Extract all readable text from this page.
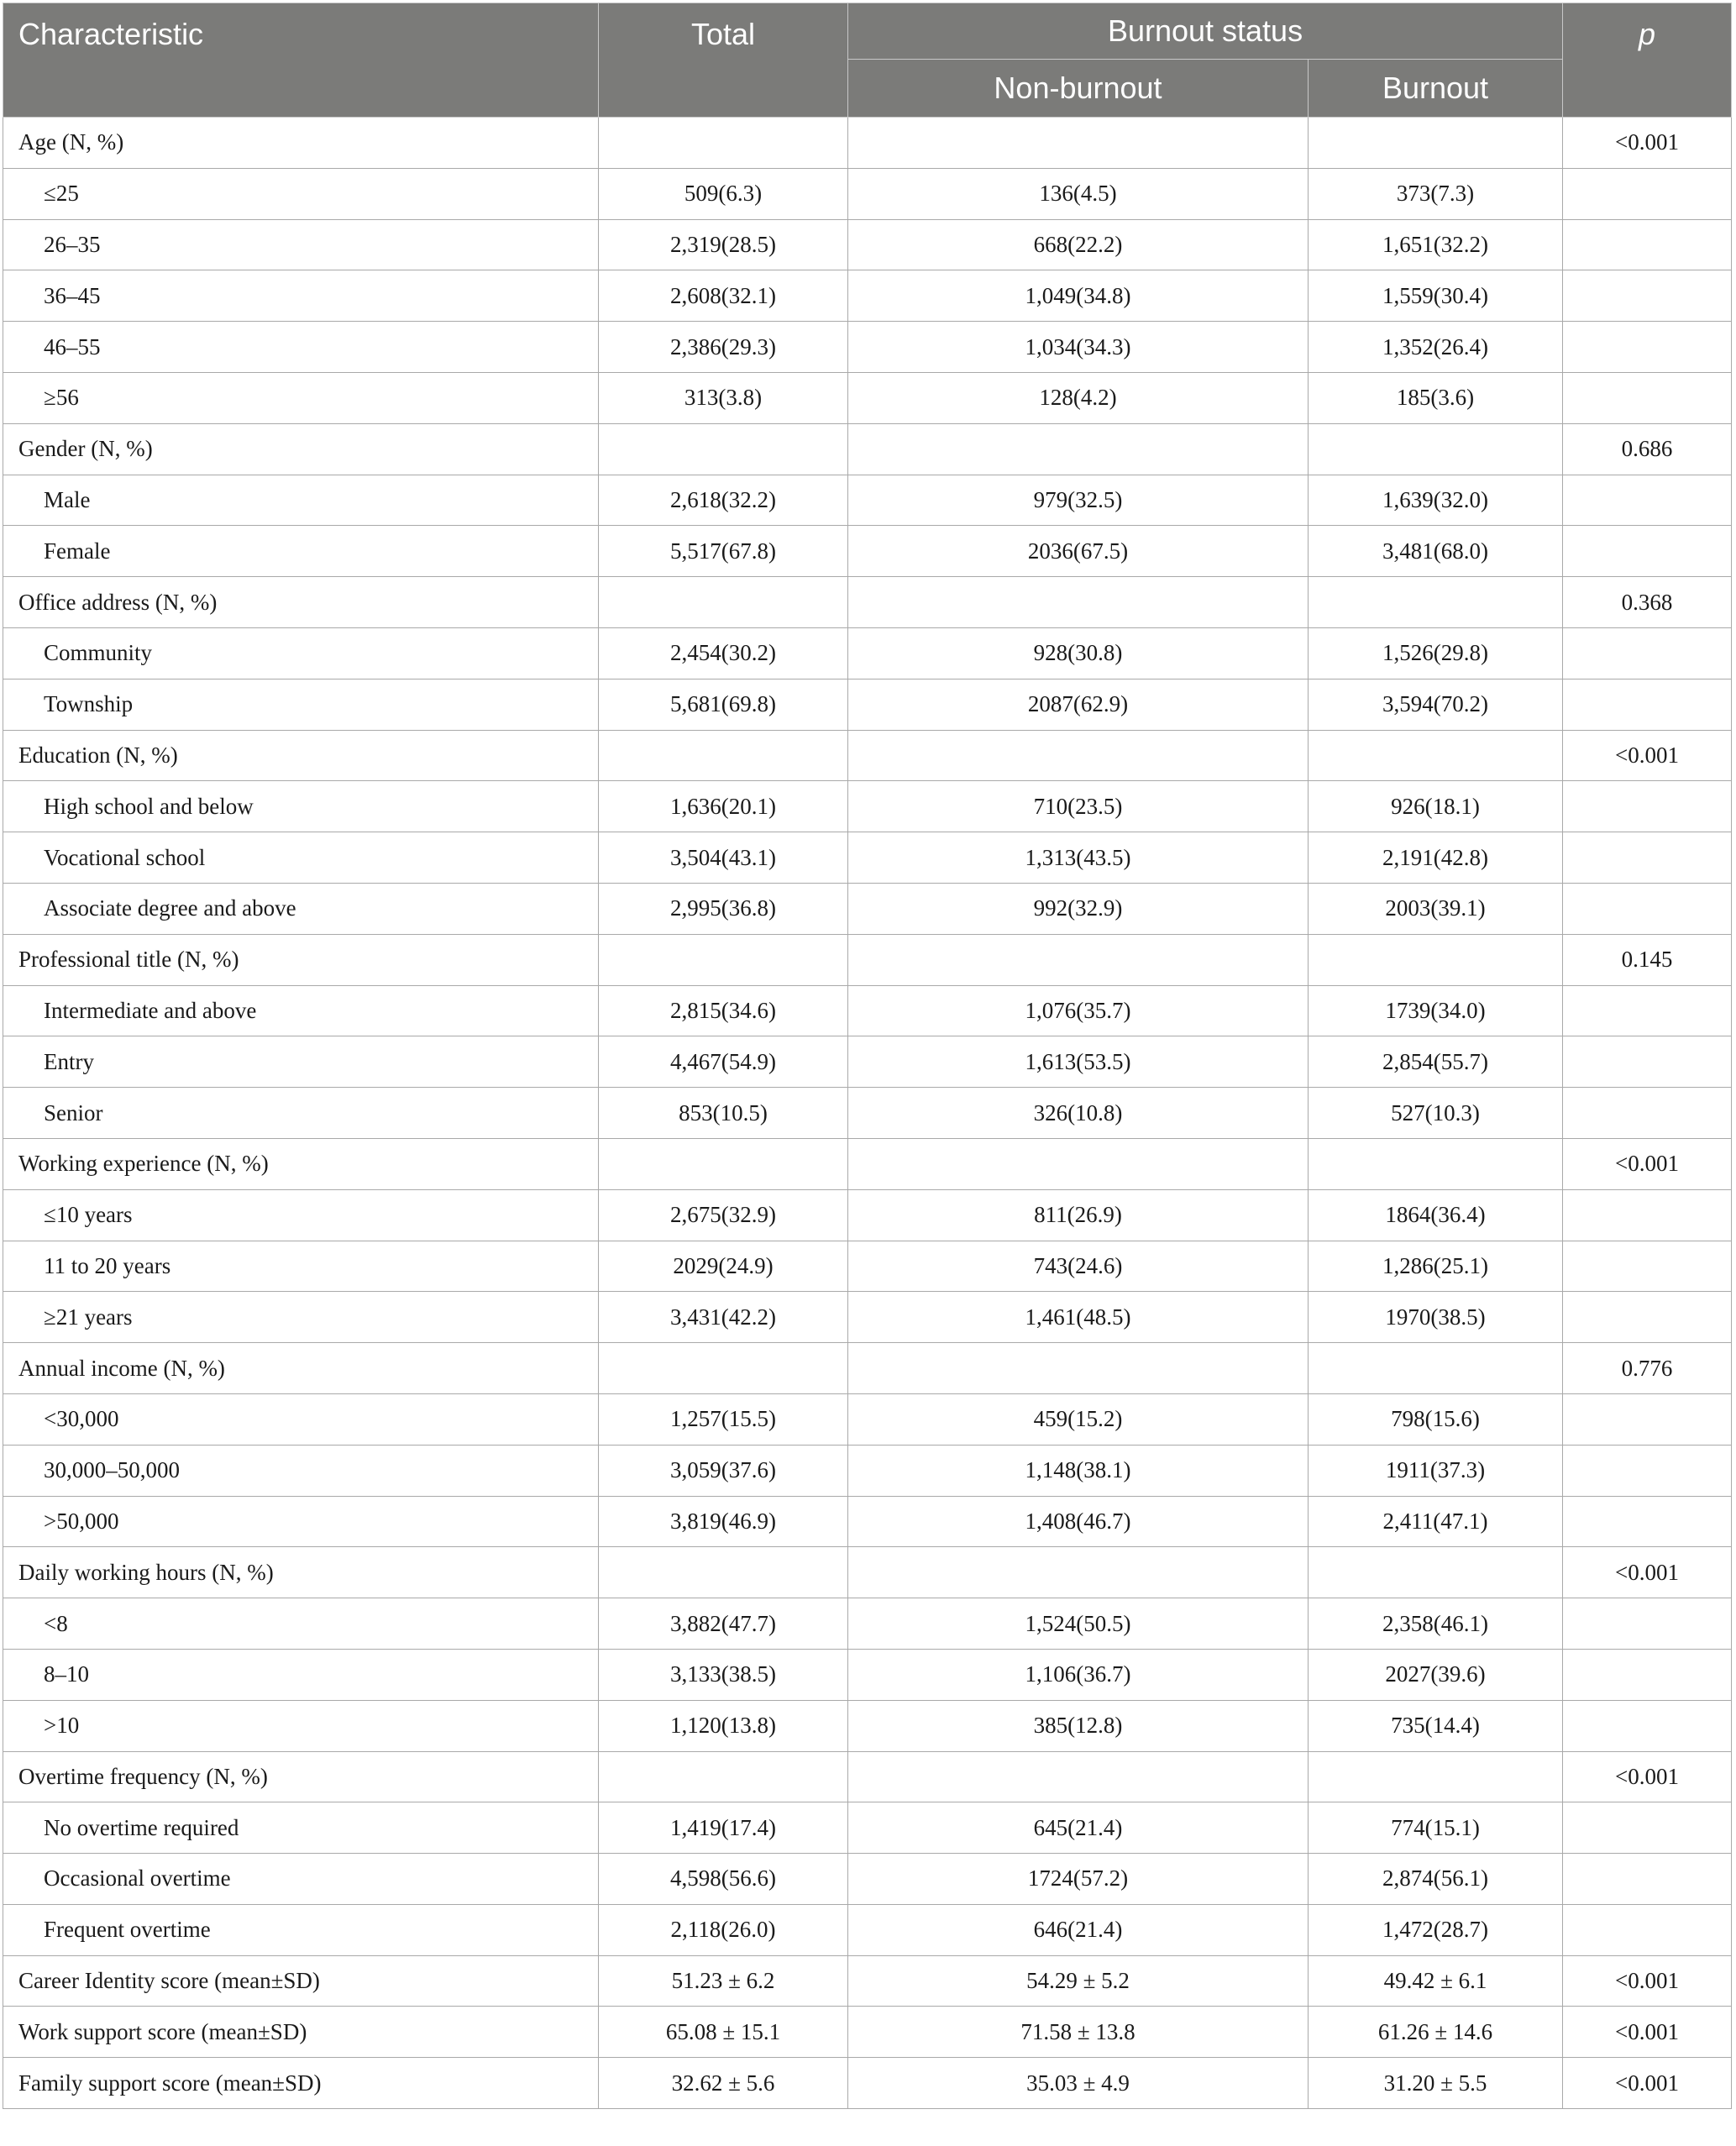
Characteristic	Total	Burnout status		p
		Non-burnout	Burnout	
Age (N, %)				<0.001
≤25	509(6.3)	136(4.5)	373(7.3)	
26–35	2,319(28.5)	668(22.2)	1,651(32.2)	
36–45	2,608(32.1)	1,049(34.8)	1,559(30.4)	
46–55	2,386(29.3)	1,034(34.3)	1,352(26.4)	
≥56	313(3.8)	128(4.2)	185(3.6)	
Gender (N, %)				0.686
Male	2,618(32.2)	979(32.5)	1,639(32.0)	
Female	5,517(67.8)	2036(67.5)	3,481(68.0)	
Office address (N, %)				0.368
Community	2,454(30.2)	928(30.8)	1,526(29.8)	
Township	5,681(69.8)	2087(62.9)	3,594(70.2)	
Education (N, %)				<0.001
High school and below	1,636(20.1)	710(23.5)	926(18.1)	
Vocational school	3,504(43.1)	1,313(43.5)	2,191(42.8)	
Associate degree and above	2,995(36.8)	992(32.9)	2003(39.1)	
Professional title (N, %)				0.145
Intermediate and above	2,815(34.6)	1,076(35.7)	1739(34.0)	
Entry	4,467(54.9)	1,613(53.5)	2,854(55.7)	
Senior	853(10.5)	326(10.8)	527(10.3)	
Working experience (N, %)				<0.001
≤10 years	2,675(32.9)	811(26.9)	1864(36.4)	
11 to 20 years	2029(24.9)	743(24.6)	1,286(25.1)	
≥21 years	3,431(42.2)	1,461(48.5)	1970(38.5)	
Annual income (N, %)				0.776
<30,000	1,257(15.5)	459(15.2)	798(15.6)	
30,000–50,000	3,059(37.6)	1,148(38.1)	1911(37.3)	
>50,000	3,819(46.9)	1,408(46.7)	2,411(47.1)	
Daily working hours (N, %)				<0.001
<8	3,882(47.7)	1,524(50.5)	2,358(46.1)	
8–10	3,133(38.5)	1,106(36.7)	2027(39.6)	
>10	1,120(13.8)	385(12.8)	735(14.4)	
Overtime frequency (N, %)				<0.001
No overtime required	1,419(17.4)	645(21.4)	774(15.1)	
Occasional overtime	4,598(56.6)	1724(57.2)	2,874(56.1)	
Frequent overtime	2,118(26.0)	646(21.4)	1,472(28.7)	
Career Identity score (mean±SD)	51.23 ± 6.2	54.29 ± 5.2	49.42 ± 6.1	<0.001
Work support score (mean±SD)	65.08 ± 15.1	71.58 ± 13.8	61.26 ± 14.6	<0.001
Family support score (mean±SD)	32.62 ± 5.6	35.03 ± 4.9	31.20 ± 5.5	<0.001
